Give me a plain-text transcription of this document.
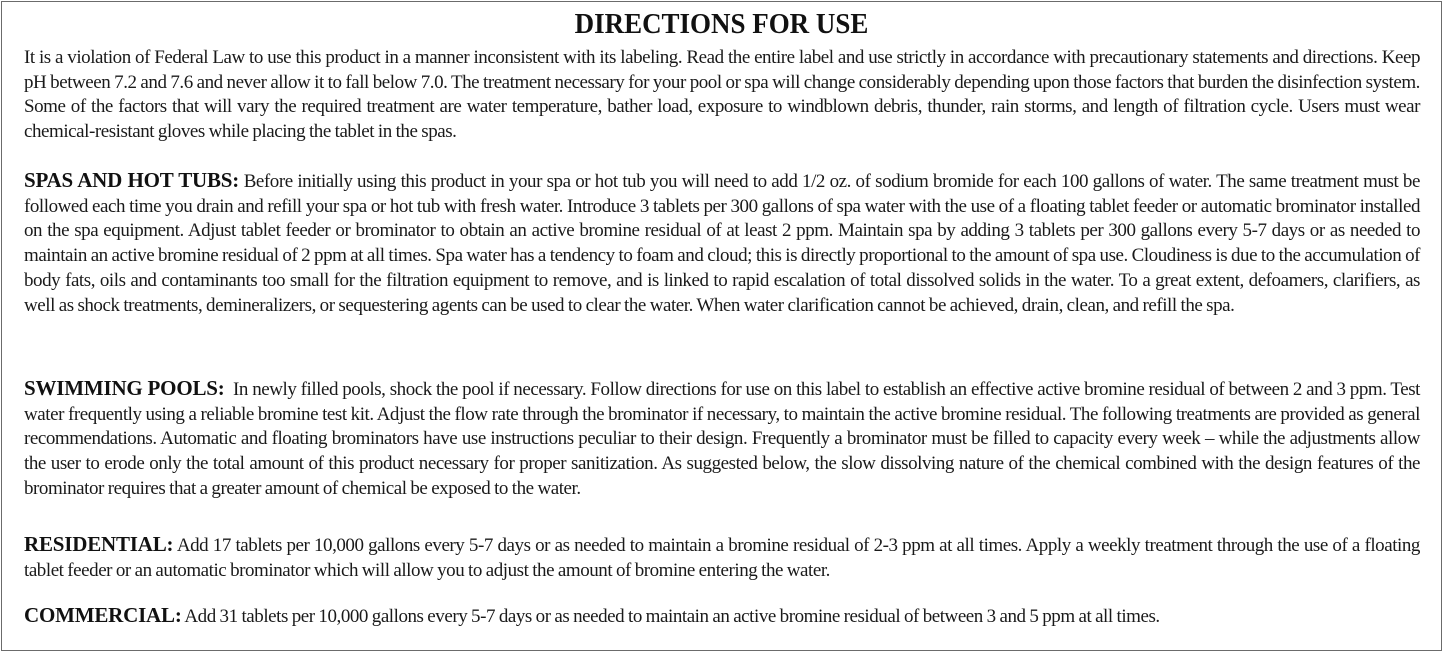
DIRECTIONS FOR USE

It is a violation of Federal Law to use this product in a manner inconsistent with its labeling. Read the entire label and use strictly in accordance with precautionary statements and directions. Keep pH between 7.2 and 7.6 and never allow it to fall below 7.0. The treatment necessary for your pool or spa will change considerably depending upon those factors that burden the disinfection system. Some of the factors that will vary the required treatment are water temperature, bather load, exposure to windblown debris, thunder, rain storms, and length of filtration cycle. Users must wear chemical-resistant gloves while placing the tablet in the spas.

SPAS AND HOT TUBS: Before initially using this product in your spa or hot tub you will need to add 1/2 oz. of sodium bromide for each 100 gallons of water. The same treatment must be followed each time you drain and refill your spa or hot tub with fresh water. Introduce 3 tablets per 300 gallons of spa water with the use of a floating tablet feeder or automatic brominator installed on the spa equipment. Adjust tablet feeder or brominator to obtain an active bromine residual of at least 2 ppm. Maintain spa by adding 3 tablets per 300 gallons every 5-7 days or as needed to maintain an active bromine residual of 2 ppm at all times. Spa water has a tendency to foam and cloud; this is directly proportional to the amount of spa use. Cloudiness is due to the accumulation of body fats, oils and contaminants too small for the filtration equipment to remove, and is linked to rapid escalation of total dissolved solids in the water. To a great extent, defoamers, clarifiers, as well as shock treatments, demineralizers, or sequestering agents can be used to clear the water. When water clarification cannot be achieved, drain, clean, and refill the spa.

SWIMMING POOLS: In newly filled pools, shock the pool if necessary. Follow directions for use on this label to establish an effective active bromine residual of between 2 and 3 ppm. Test water frequently using a reliable bromine test kit. Adjust the flow rate through the brominator if necessary, to maintain the active bromine residual. The following treatments are provided as general recommendations. Automatic and floating brominators have use instructions peculiar to their design. Frequently a brominator must be filled to capacity every week – while the adjustments allow the user to erode only the total amount of this product necessary for proper sanitization. As suggested below, the slow dissolving nature of the chemical combined with the design features of the brominator requires that a greater amount of chemical be exposed to the water.

RESIDENTIAL: Add 17 tablets per 10,000 gallons every 5-7 days or as needed to maintain a bromine residual of 2-3 ppm at all times. Apply a weekly treatment through the use of a floating tablet feeder or an automatic brominator which will allow you to adjust the amount of bromine entering the water.

COMMERCIAL: Add 31 tablets per 10,000 gallons every 5-7 days or as needed to maintain an active bromine residual of between 3 and 5 ppm at all times.
